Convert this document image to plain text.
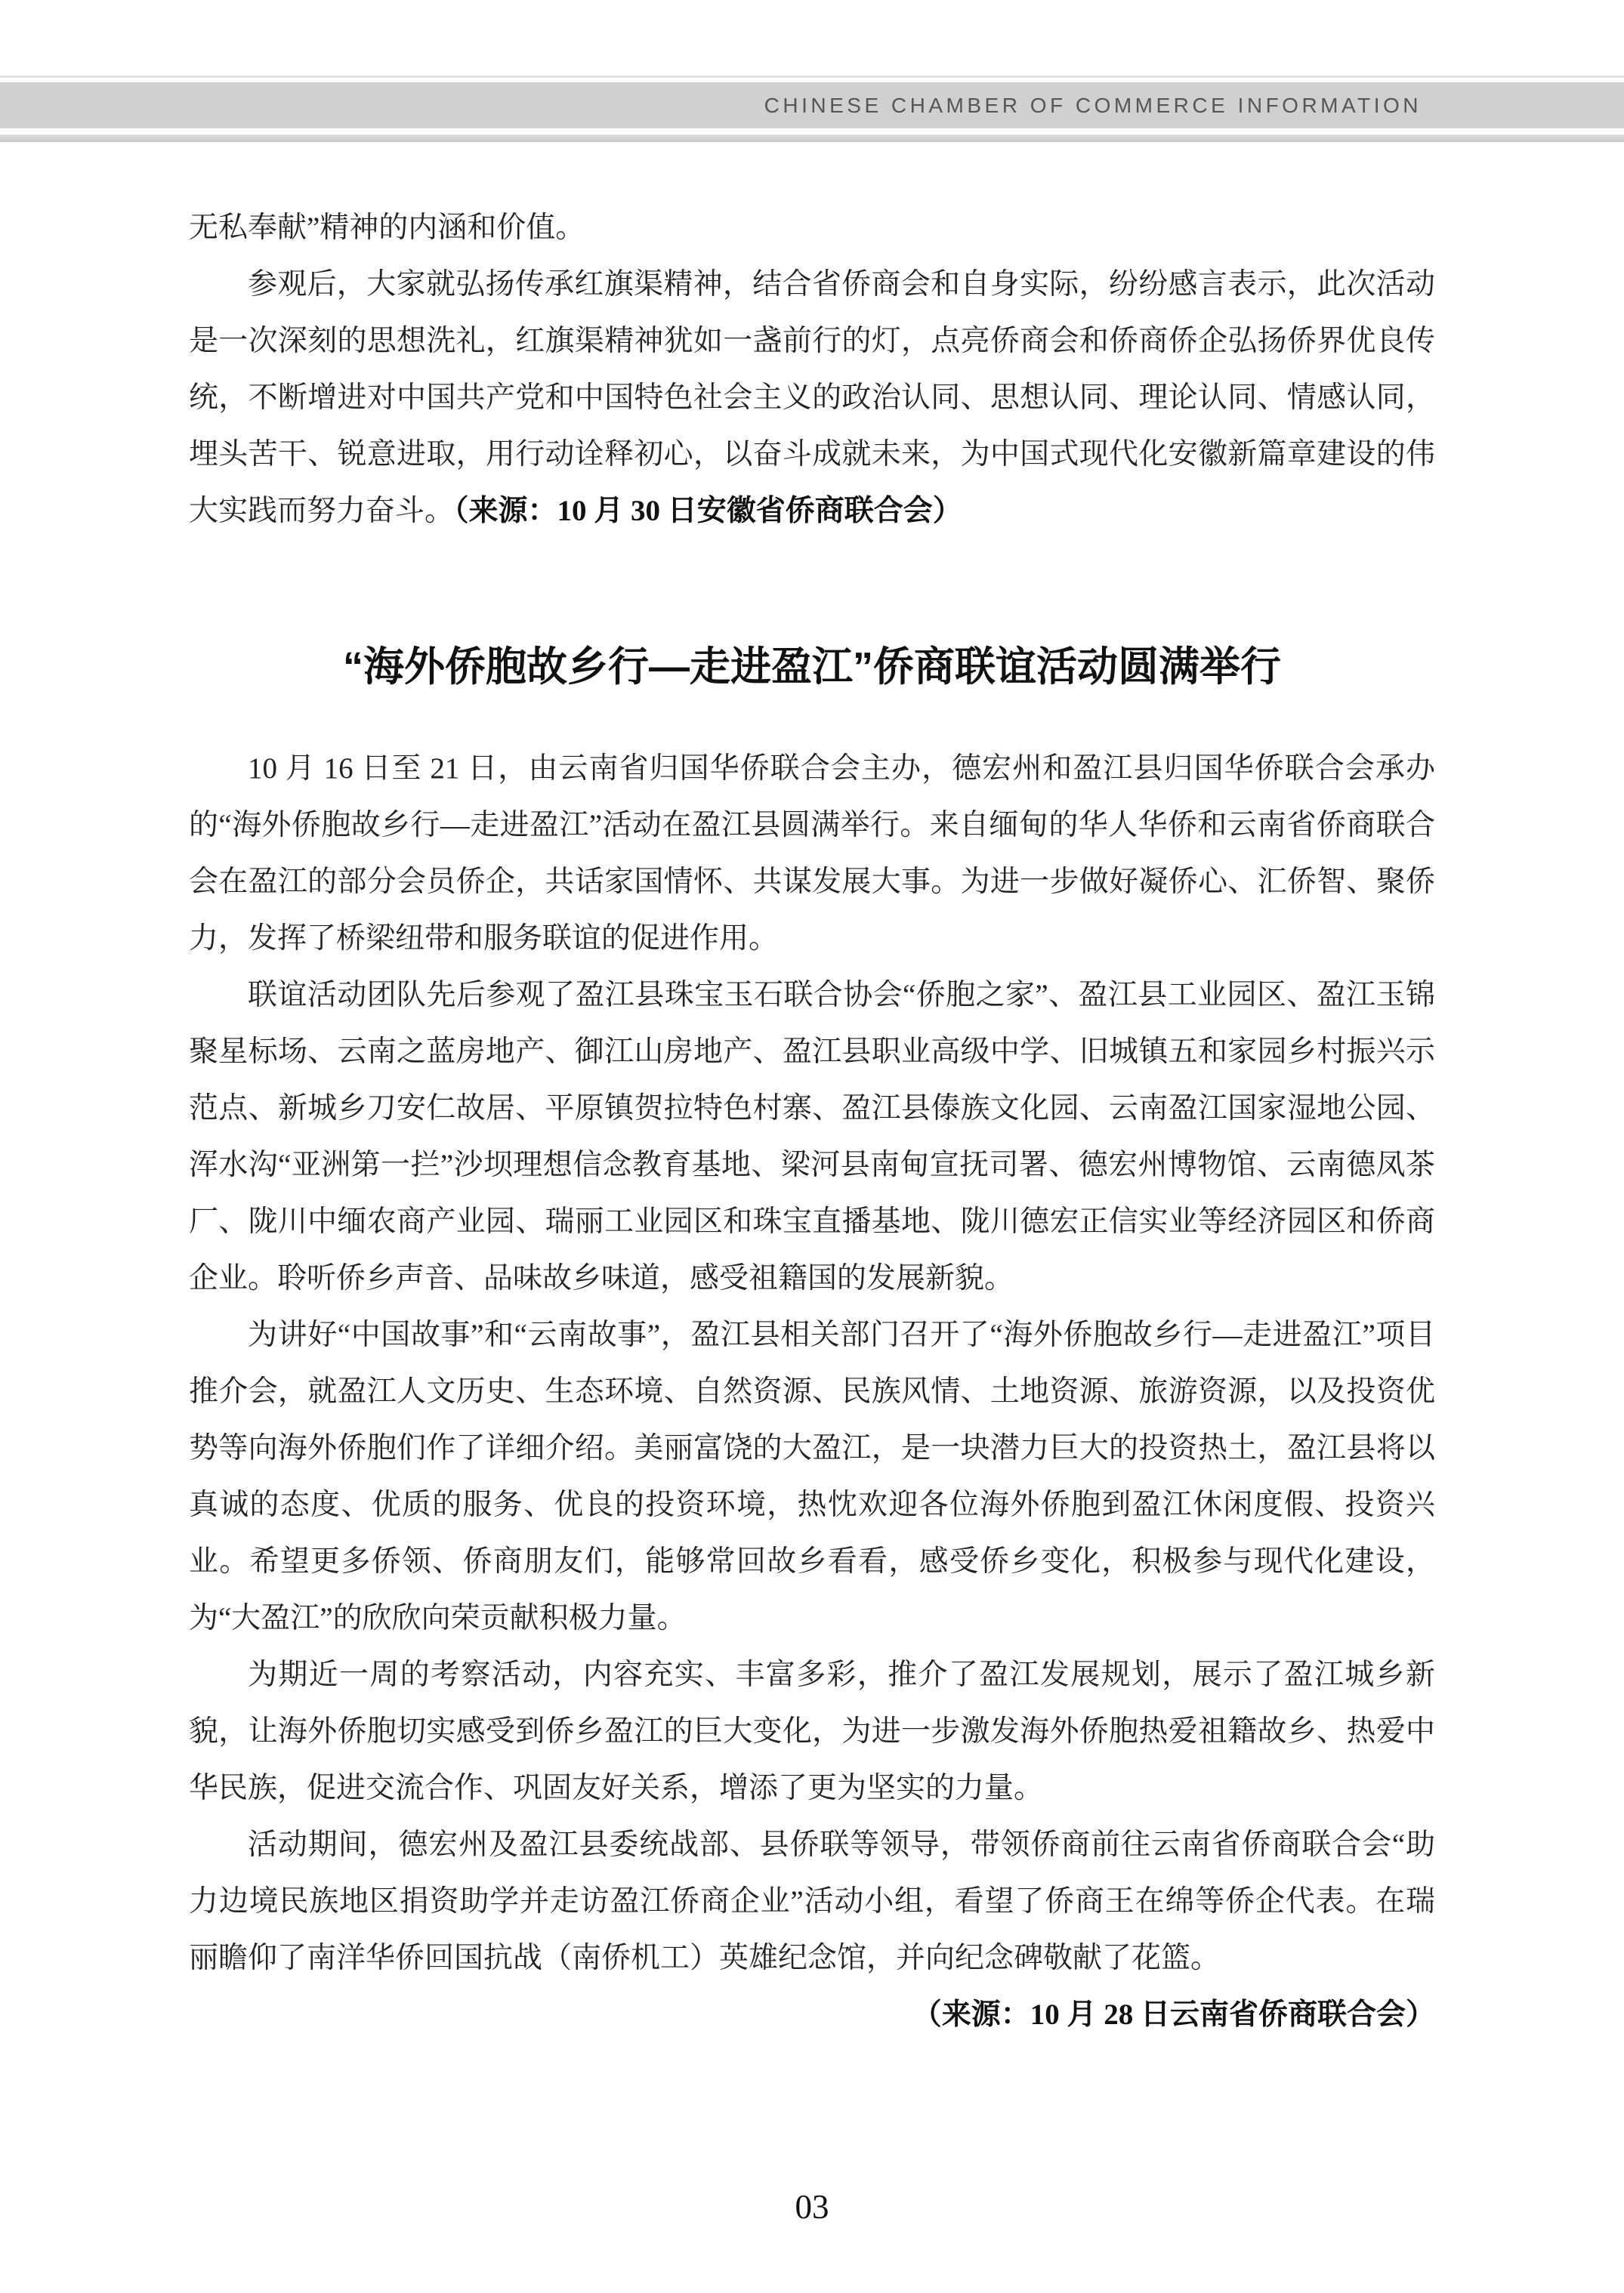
CHINESE CHAMBER OF COMMERCE INFORMATION

无私奉献”精神的内涵和价值。

参观后，大家就弘扬传承红旗渠精神，结合省侨商会和自身实际，纷纷感言表示，此次活动是一次深刻的思想洗礼，红旗渠精神犹如一盏前行的灯，点亮侨商会和侨商侨企弘扬侨界优良传统，不断增进对中国共产党和中国特色社会主义的政治认同、思想认同、理论认同、情感认同，埋头苦干、锐意进取，用行动诠释初心，以奋斗成就未来，为中国式现代化安徽新篇章建设的伟大实践而努力奋斗。（来源：10 月 30 日安徽省侨商联合会）

“海外侨胞故乡行—走进盈江”侨商联谊活动圆满举行

10 月 16 日至 21 日，由云南省归国华侨联合会主办，德宏州和盈江县归国华侨联合会承办的“海外侨胞故乡行—走进盈江”活动在盈江县圆满举行。来自缅甸的华人华侨和云南省侨商联合会在盈江的部分会员侨企，共话家国情怀、共谋发展大事。为进一步做好凝侨心、汇侨智、聚侨力，发挥了桥梁纽带和服务联谊的促进作用。

联谊活动团队先后参观了盈江县珠宝玉石联合协会“侨胞之家”、盈江县工业园区、盈江玉锦聚星标场、云南之蓝房地产、御江山房地产、盈江县职业高级中学、旧城镇五和家园乡村振兴示范点、新城乡刀安仁故居、平原镇贺拉特色村寨、盈江县傣族文化园、云南盈江国家湿地公园、浑水沟“亚洲第一拦”沙坝理想信念教育基地、梁河县南甸宣抚司署、德宏州博物馆、云南德凤茶厂、陇川中缅农商产业园、瑞丽工业园区和珠宝直播基地、陇川德宏正信实业等经济园区和侨商企业。聆听侨乡声音、品味故乡味道，感受祖籍国的发展新貌。

为讲好“中国故事”和“云南故事”，盈江县相关部门召开了“海外侨胞故乡行—走进盈江”项目推介会，就盈江人文历史、生态环境、自然资源、民族风情、土地资源、旅游资源，以及投资优势等向海外侨胞们作了详细介绍。美丽富饶的大盈江，是一块潜力巨大的投资热土，盈江县将以真诚的态度、优质的服务、优良的投资环境，热忱欢迎各位海外侨胞到盈江休闲度假、投资兴业。希望更多侨领、侨商朋友们，能够常回故乡看看，感受侨乡变化，积极参与现代化建设，为“大盈江”的欣欣向荣贡献积极力量。

为期近一周的考察活动，内容充实、丰富多彩，推介了盈江发展规划，展示了盈江城乡新貌，让海外侨胞切实感受到侨乡盈江的巨大变化，为进一步激发海外侨胞热爱祖籍故乡、热爱中华民族，促进交流合作、巩固友好关系，增添了更为坚实的力量。

活动期间，德宏州及盈江县委统战部、县侨联等领导，带领侨商前往云南省侨商联合会“助力边境民族地区捐资助学并走访盈江侨商企业”活动小组，看望了侨商王在绵等侨企代表。在瑞丽瞻仰了南洋华侨回国抗战（南侨机工）英雄纪念馆，并向纪念碑敬献了花篮。

（来源：10 月 28 日云南省侨商联合会）

03
